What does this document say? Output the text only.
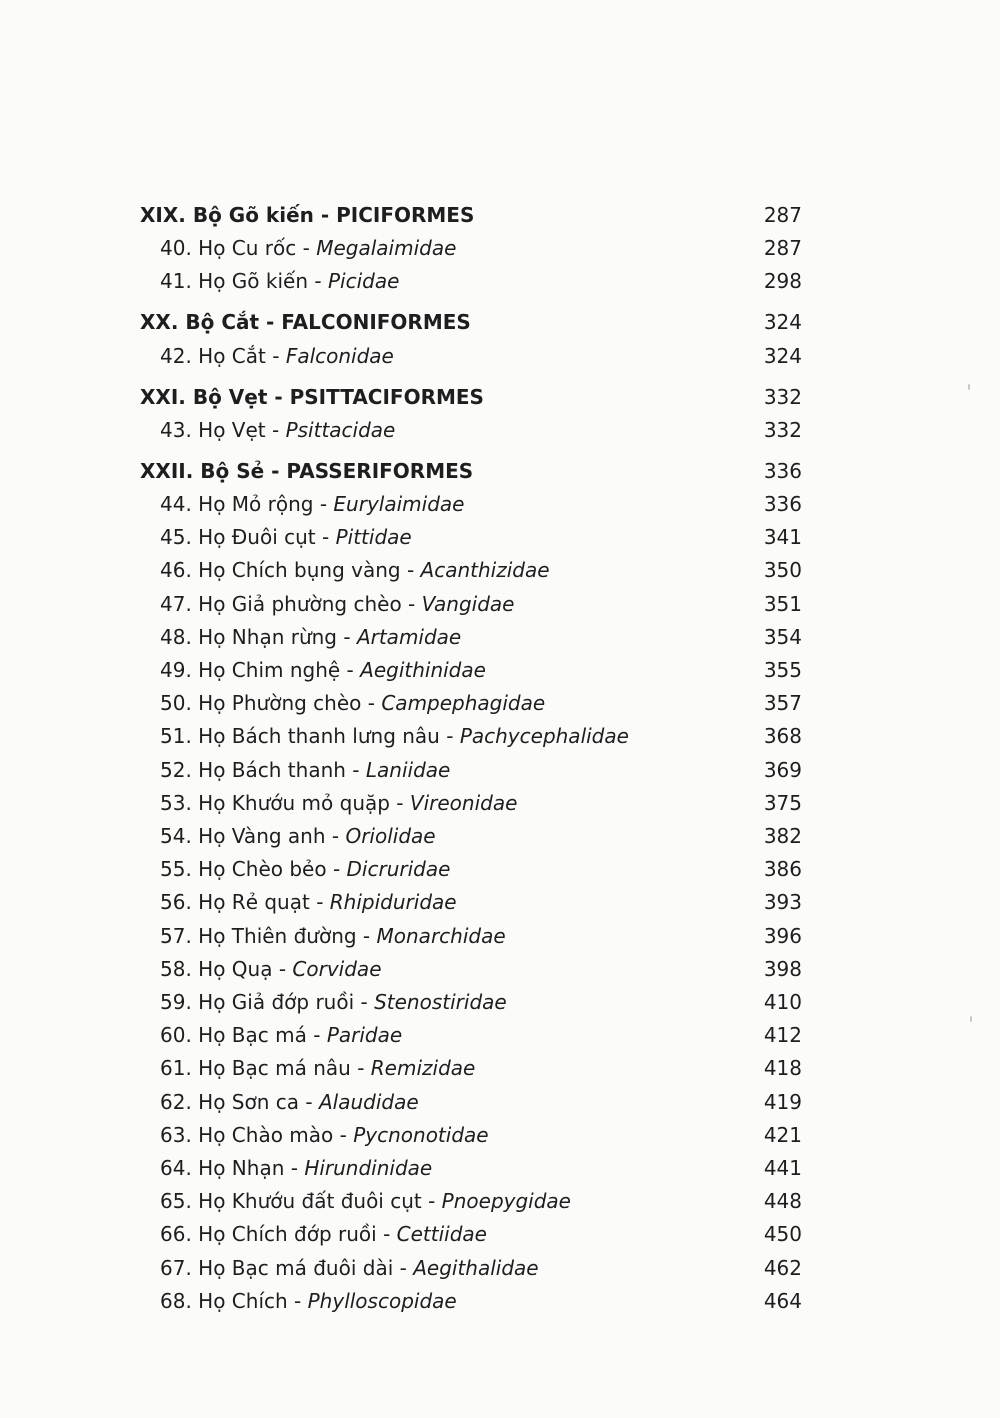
XIX. Bộ Gõ kiến - PICIFORMES	287
40. Họ Cu rốc - Megalaimidae	287
41. Họ Gõ kiến - Picidae	298
XX. Bộ Cắt - FALCONIFORMES	324
42. Họ Cắt - Falconidae	324
XXI. Bộ Vẹt - PSITTACIFORMES	332
43. Họ Vẹt - Psittacidae	332
XXII. Bộ Sẻ - PASSERIFORMES	336
44. Họ Mỏ rộng - Eurylaimidae	336
45. Họ Đuôi cụt - Pittidae	341
46. Họ Chích bụng vàng - Acanthizidae	350
47. Họ Giả phường chèo - Vangidae	351
48. Họ Nhạn rừng - Artamidae	354
49. Họ Chim nghệ - Aegithinidae	355
50. Họ Phường chèo - Campephagidae	357
51. Họ Bách thanh lưng nâu - Pachycephalidae	368
52. Họ Bách thanh - Laniidae	369
53. Họ Khướu mỏ quặp - Vireonidae	375
54. Họ Vàng anh - Oriolidae	382
55. Họ Chèo bẻo - Dicruridae	386
56. Họ Rẻ quạt - Rhipiduridae	393
57. Họ Thiên đường - Monarchidae	396
58. Họ Quạ - Corvidae	398
59. Họ Giả đớp ruồi - Stenostiridae	410
60. Họ Bạc má - Paridae	412
61. Họ Bạc má nâu - Remizidae	418
62. Họ Sơn ca - Alaudidae	419
63. Họ Chào mào - Pycnonotidae	421
64. Họ Nhạn - Hirundinidae	441
65. Họ Khướu đất đuôi cụt - Pnoepygidae	448
66. Họ Chích đớp ruồi - Cettiidae	450
67. Họ Bạc má đuôi dài - Aegithalidae	462
68. Họ Chích - Phylloscopidae	464
